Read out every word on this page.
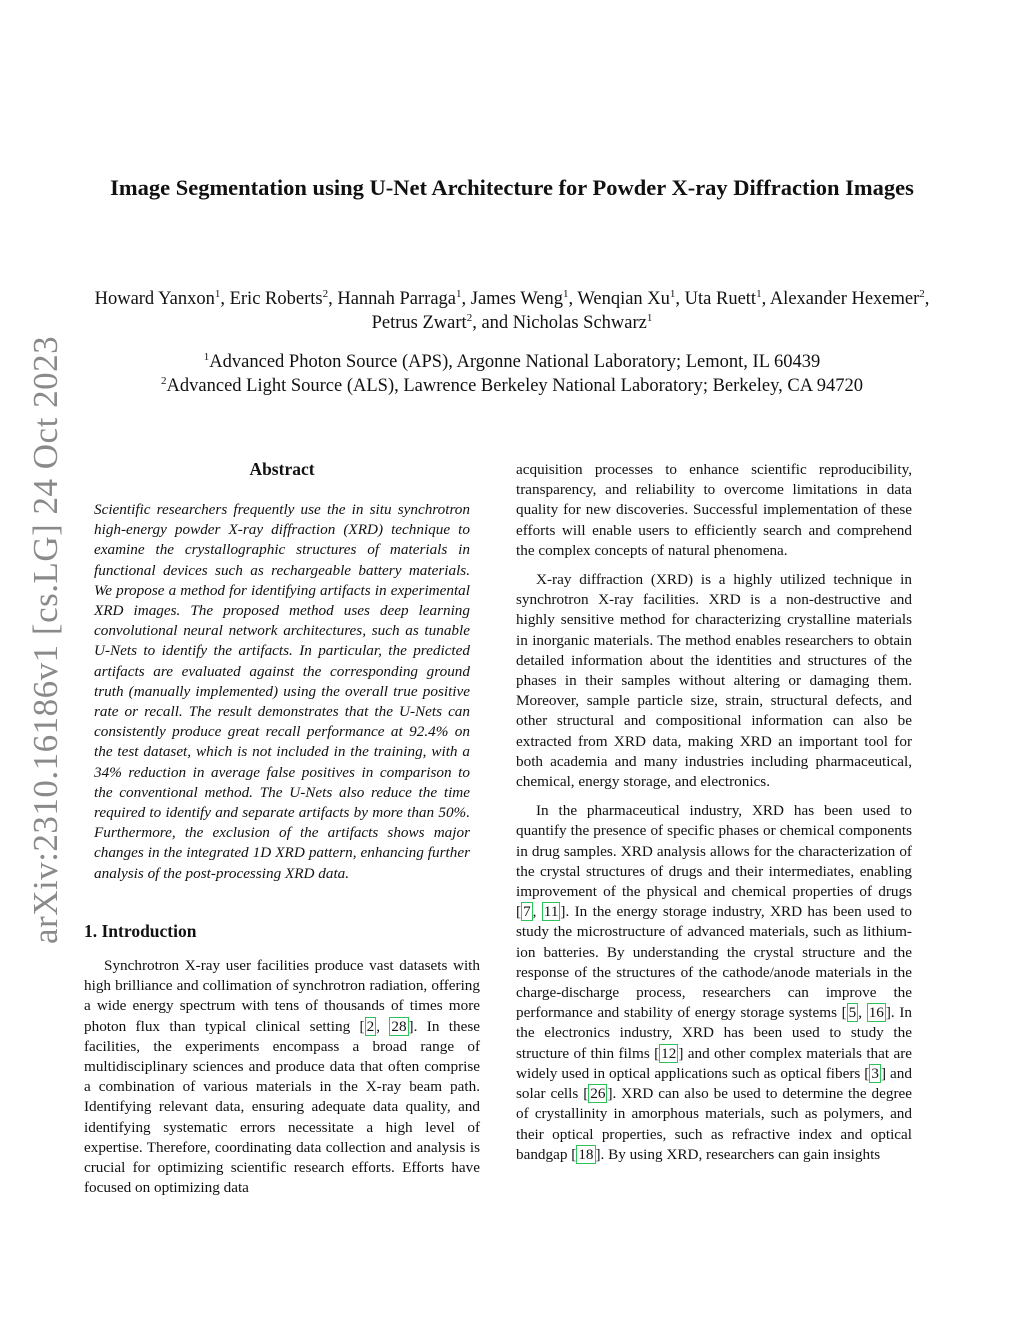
arXiv:2310.16186v1 [cs.LG] 24 Oct 2023
Image Segmentation using U-Net Architecture for Powder X-ray Diffraction Images
Howard Yanxon$^1$, Eric Roberts$^2$, Hannah Parraga$^1$, James Weng$^1$, Wenqian Xu$^1$, Uta Ruett$^1$, Alexander Hexemer$^2$, Petrus Zwart$^2$, and Nicholas Schwarz$^1$
$^1$Advanced Photon Source (APS), Argonne National Laboratory; Lemont, IL 60439
$^2$Advanced Light Source (ALS), Lawrence Berkeley National Laboratory; Berkeley, CA 94720
Abstract
Scientific researchers frequently use the in situ synchrotron high-energy powder X-ray diffraction (XRD) technique to examine the crystallographic structures of materials in functional devices such as rechargeable battery materials. We propose a method for identifying artifacts in experimental XRD images. The proposed method uses deep learning convolutional neural network architectures, such as tunable U-Nets to identify the artifacts. In particular, the predicted artifacts are evaluated against the corresponding ground truth (manually implemented) using the overall true positive rate or recall. The result demonstrates that the U-Nets can consistently produce great recall performance at 92.4% on the test dataset, which is not included in the training, with a 34% reduction in average false positives in comparison to the conventional method. The U-Nets also reduce the time required to identify and separate artifacts by more than 50%. Furthermore, the exclusion of the artifacts shows major changes in the integrated 1D XRD pattern, enhancing further analysis of the post-processing XRD data.
1. Introduction

Synchrotron X-ray user facilities produce vast datasets with high brilliance and collimation of synchrotron radiation, offering a wide energy spectrum with tens of thousands of times more photon flux than typical clinical setting [ 2 , 28 ]. In these facilities, the experiments encompass a broad range of multidisciplinary sciences and produce data that often comprise a combination of various materials in the X-ray beam path. Identifying relevant data, ensuring adequate data quality, and identifying systematic errors necessitate a high level of expertise. Therefore, coordinating data collection and analysis is crucial for optimizing scientific research efforts. Efforts have focused on optimizing data

acquisition processes to enhance scientific reproducibility, transparency, and reliability to overcome limitations in data quality for new discoveries. Successful implementation of these efforts will enable users to efficiently search and comprehend the complex concepts of natural phenomena.

X-ray diffraction (XRD) is a highly utilized technique in synchrotron X-ray facilities. XRD is a non-destructive and highly sensitive method for characterizing crystalline materials in inorganic materials. The method enables researchers to obtain detailed information about the identities and structures of the phases in their samples without altering or damaging them. Moreover, sample particle size, strain, structural defects, and other structural and compositional information can also be extracted from XRD data, making XRD an important tool for both academia and many industries including pharmaceutical, chemical, energy storage, and electronics.

In the pharmaceutical industry, XRD has been used to quantify the presence of specific phases or chemical components in drug samples. XRD analysis allows for the characterization of the crystal structures of drugs and their intermediates, enabling improvement of the physical and chemical properties of drugs [ 7 , 11 ]. In the energy storage industry, XRD has been used to study the microstructure of advanced materials, such as lithium-ion batteries. By understanding the crystal structure and the response of the structures of the cathode/anode materials in the charge-discharge process, researchers can improve the performance and stability of energy storage systems [ 5 , 16 ]. In the electronics industry, XRD has been used to study the structure of thin films [ 12 ] and other complex materials that are widely used in optical applications such as optical fibers [ 3 ] and solar cells [ 26 ]. XRD can also be used to determine the degree of crystallinity in amorphous materials, such as polymers, and their optical properties, such as refractive index and optical bandgap [ 18 ]. By using XRD, researchers can gain insights
